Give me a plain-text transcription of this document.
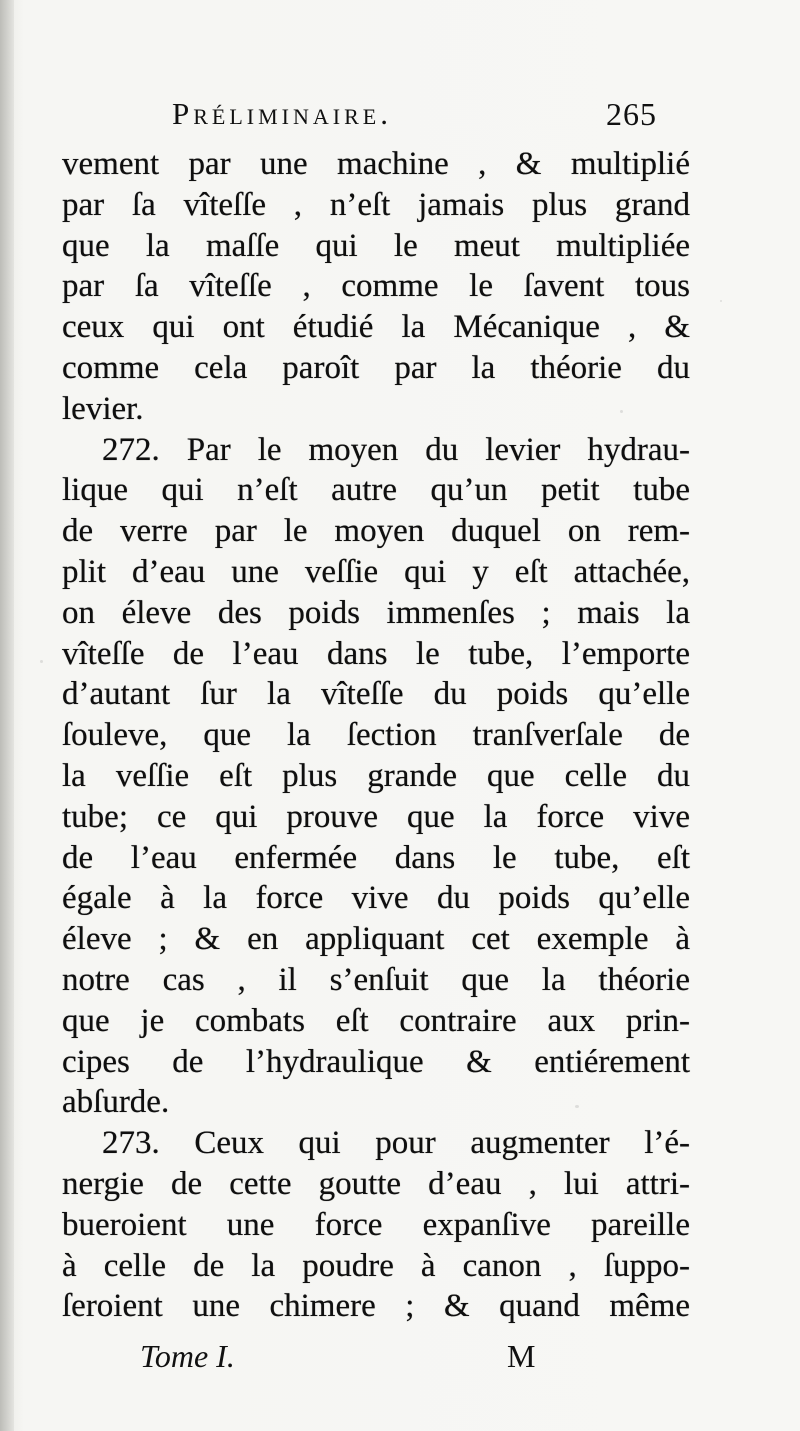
Préliminaire.	265
vement par une machine , & multiplié
par ſa vîteſſe , n’eſt jamais plus grand
que la maſſe qui le meut multipliée
par ſa vîteſſe , comme le ſavent tous
ceux qui ont étudié la Mécanique , &
comme cela paroît par la théorie du
levier.
272. Par le moyen du levier hydrau-
lique qui n’eſt autre qu’un petit tube
de verre par le moyen duquel on rem-
plit d’eau une veſſie qui y eſt attachée,
on éleve des poids immenſes ; mais la
vîteſſe de l’eau dans le tube, l’emporte
d’autant ſur la vîteſſe du poids qu’elle
ſouleve, que la ſection tranſverſale de
la veſſie eſt plus grande que celle du
tube; ce qui prouve que la force vive
de l’eau enfermée dans le tube, eſt
égale à la force vive du poids qu’elle
éleve ; & en appliquant cet exemple à
notre cas , il s’enſuit que la théorie
que je combats eſt contraire aux prin-
cipes de l’hydraulique & entiérement
abſurde.
273. Ceux qui pour augmenter l’é-
nergie de cette goutte d’eau , lui attri-
bueroient une force expanſive pareille
à celle de la poudre à canon , ſuppo-
ſeroient une chimere ; & quand même
Tome I.	M
